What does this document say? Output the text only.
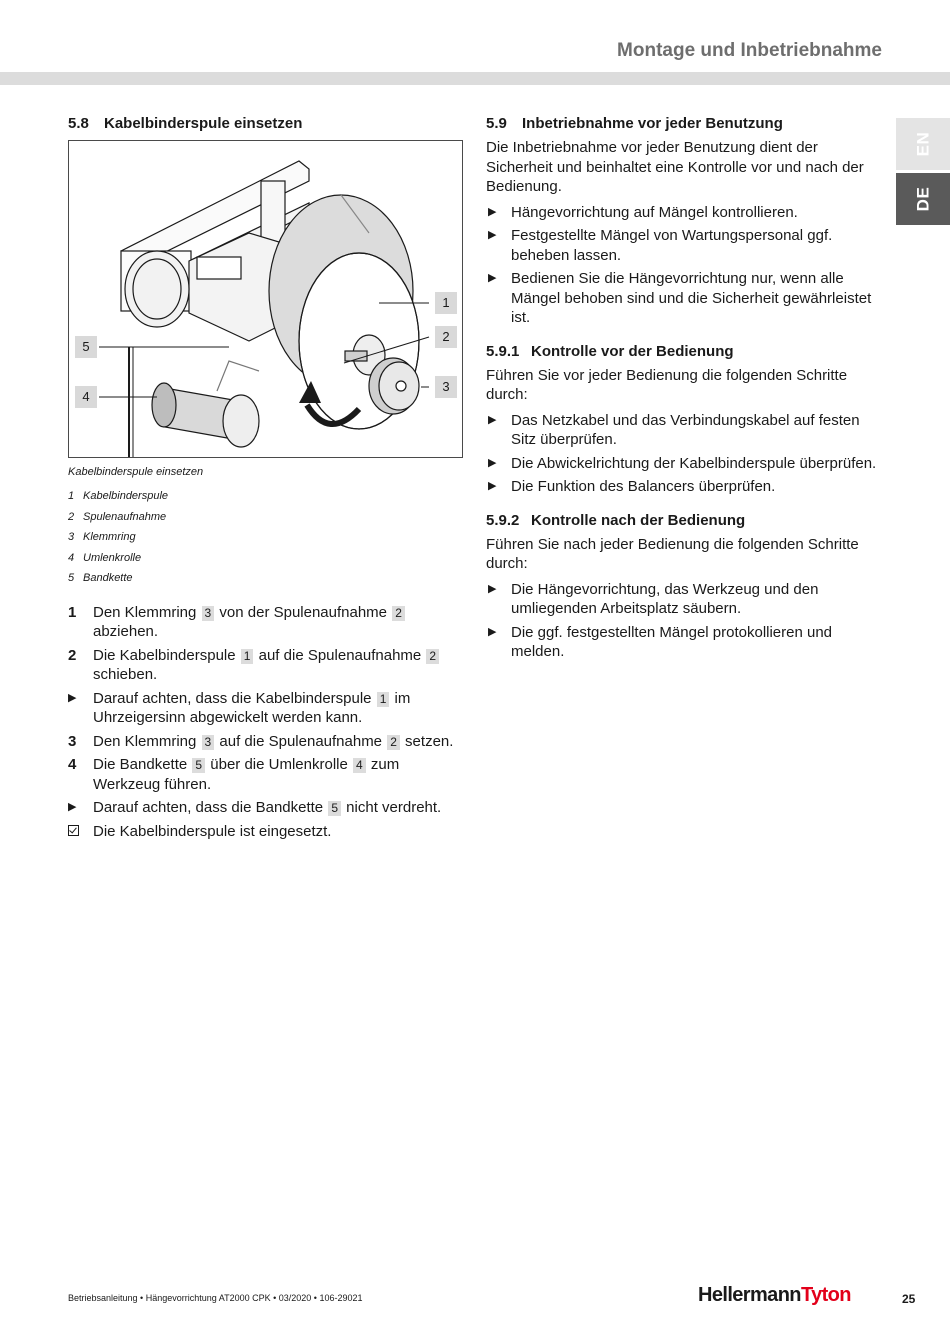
Montage und Inbetriebnahme
EN
DE
5.8 Kabelbinderspule einsetzen
1
2
3
4
5
Kabelbinderspule einsetzen
1 Kabelbinderspule
2 Spulenaufnahme
3 Klemmring
4 Umlenkrolle
5 Bandkette
1	Den Klemmring 3 von der Spulenaufnahme 2 abziehen.
2	Die Kabelbinderspule 1 auf die Spulenaufnahme 2 schieben.
▶	Darauf achten, dass die Kabelbinderspule 1 im Uhrzeigersinn abgewickelt werden kann.
3	Den Klemmring 3 auf die Spulenaufnahme 2 setzen.
4	Die Bandkette 5 über die Umlenkrolle 4 zum Werkzeug führen.
▶	Darauf achten, dass die Bandkette 5 nicht verdreht.
Die Kabelbinderspule ist eingesetzt.
5.9 Inbetriebnahme vor jeder Benutzung

Die Inbetriebnahme vor jeder Benutzung dient der Sicherheit und beinhaltet eine Kontrolle vor und nach der Bedienung.

▶ Hängevorrichtung auf Mängel kontrollieren.
▶ Festgestellte Mängel von Wartungspersonal ggf. beheben lassen.
▶ Bedienen Sie die Hängevorrichtung nur, wenn alle Mängel behoben sind und die Sicherheit gewährleistet ist.
5.9.1 Kontrolle vor der Bedienung

Führen Sie vor jeder Bedienung die folgenden Schritte durch:

▶ Das Netzkabel und das Verbindungskabel auf festen Sitz überprüfen.
▶ Die Abwickelrichtung der Kabelbinderspule überprüfen.
▶ Die Funktion des Balancers überprüfen.
5.9.2 Kontrolle nach der Bedienung

Führen Sie nach jeder Bedienung die folgenden Schritte durch:

▶ Die Hängevorrichtung, das Werkzeug und den umliegenden Arbeitsplatz säubern.
▶ Die ggf. festgestellten Mängel protokollieren und melden.
Betriebsanleitung • Hängevorrichtung AT2000 CPK • 03/2020 • 106-29021	HellermannTyton	25
